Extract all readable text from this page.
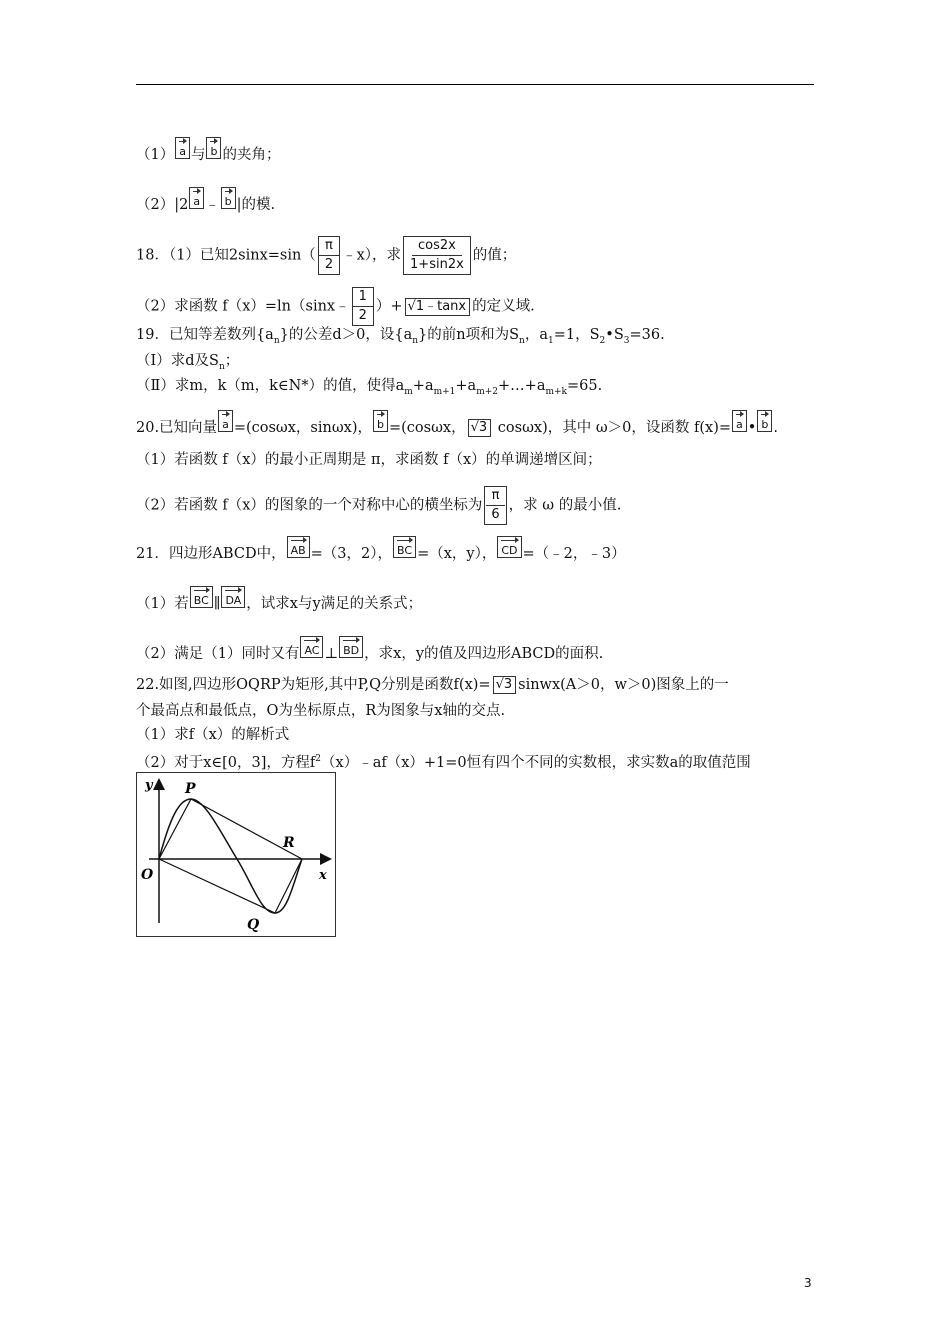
（1） a 与 b 的夹角；
（2）|2 a ﹣ b |的模.
18．（1）已知$2\sin x=\sin( \frac{\pi}{2}$ ﹣x），求 $\frac{\cos 2x}{1+\sin 2x}$ 的值；
（2）求函数 f（x）=ln（sinx﹣ $\frac{1}{2}$ ）+ √1﹣tanx 的定义域.
19．已知等差数列$\{a_n\}$的公差d＞0，设$\{a_n\}$的前n项和为$S_n$，$a_1=1$，$S_2•S_3=36$.
（Ⅰ）求d及$S_n$；
（Ⅱ）求m，k（m，k∈N*）的值，使得$a_m+a_{m+1}+a_{m+2}+\dots+a_{m+k}=65$.
20.已知向量 a =(cosωx，sinωx)， b =(cosωx， √3 cosωx)，其中 ω＞0，设函数 f(x)= a • b .
（1）若函数 f（x）的最小正周期是 π，求函数 f（x）的单调递增区间；
（2）若函数 f（x）的图象的一个对称中心的横坐标为 $\frac{\pi}{6}$ ，求 ω 的最小值.
21．四边形ABCD中， AB =（3，2）， BC =（x，y）， CD =（﹣2，﹣3）
（1）若 BC ∥ DA ，试求x与y满足的关系式；
（2）满足（1）同时又有 AC ⊥ BD ，求x，y的值及四边形ABCD的面积.
22.如图,四边形OQRP为矩形,其中P,Q分别是函数f(x)= √3 sinwx(A＞0，w＞0)图象上的一
个最高点和最低点，O为坐标原点，R为图象与x轴的交点.
（1）求f（x）的解析式
（2）对于x∈[0，3]，方程$f^2(x)﹣af(x)+1=0$恒有四个不同的实数根，求实数a的取值范围
y
x
O
P
Q
R
3
